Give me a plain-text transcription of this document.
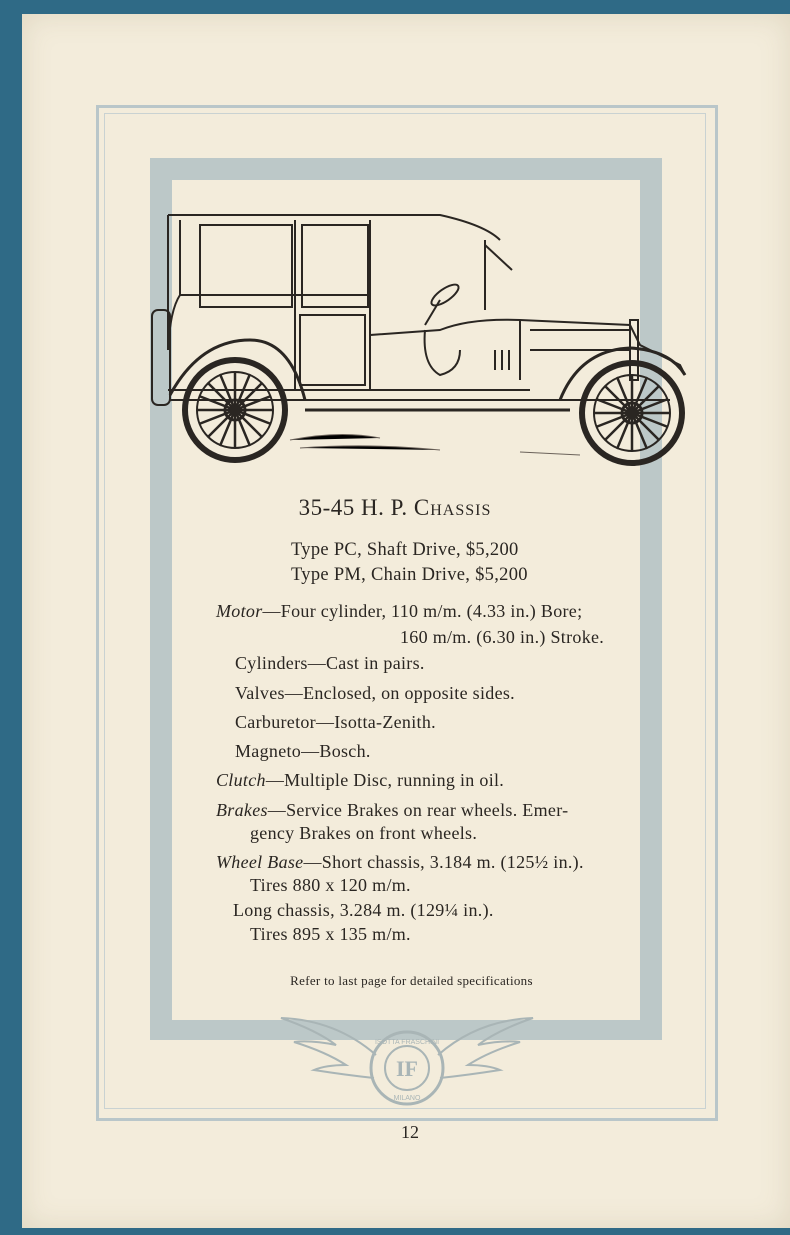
35-45 H. P. Chassis
Type PC, Shaft Drive, $5,200
Type PM, Chain Drive, $5,200
Motor—Four cylinder, 110 m/m. (4.33 in.) Bore;
160 m/m. (6.30 in.) Stroke.
Cylinders—Cast in pairs.
Valves—Enclosed, on opposite sides.
Carburetor—Isotta-Zenith.
Magneto—Bosch.
Clutch—Multiple Disc, running in oil.
Brakes—Service Brakes on rear wheels. Emer-
gency Brakes on front wheels.
Wheel Base—Short chassis, 3.184 m. (125½ in.).
Tires 880 x 120 m/m.
Long chassis, 3.284 m. (129¼ in.).
Tires 895 x 135 m/m.
Refer to last page for detailed specifications
IF
ISOTTA FRASCHINI
MILANO
12
